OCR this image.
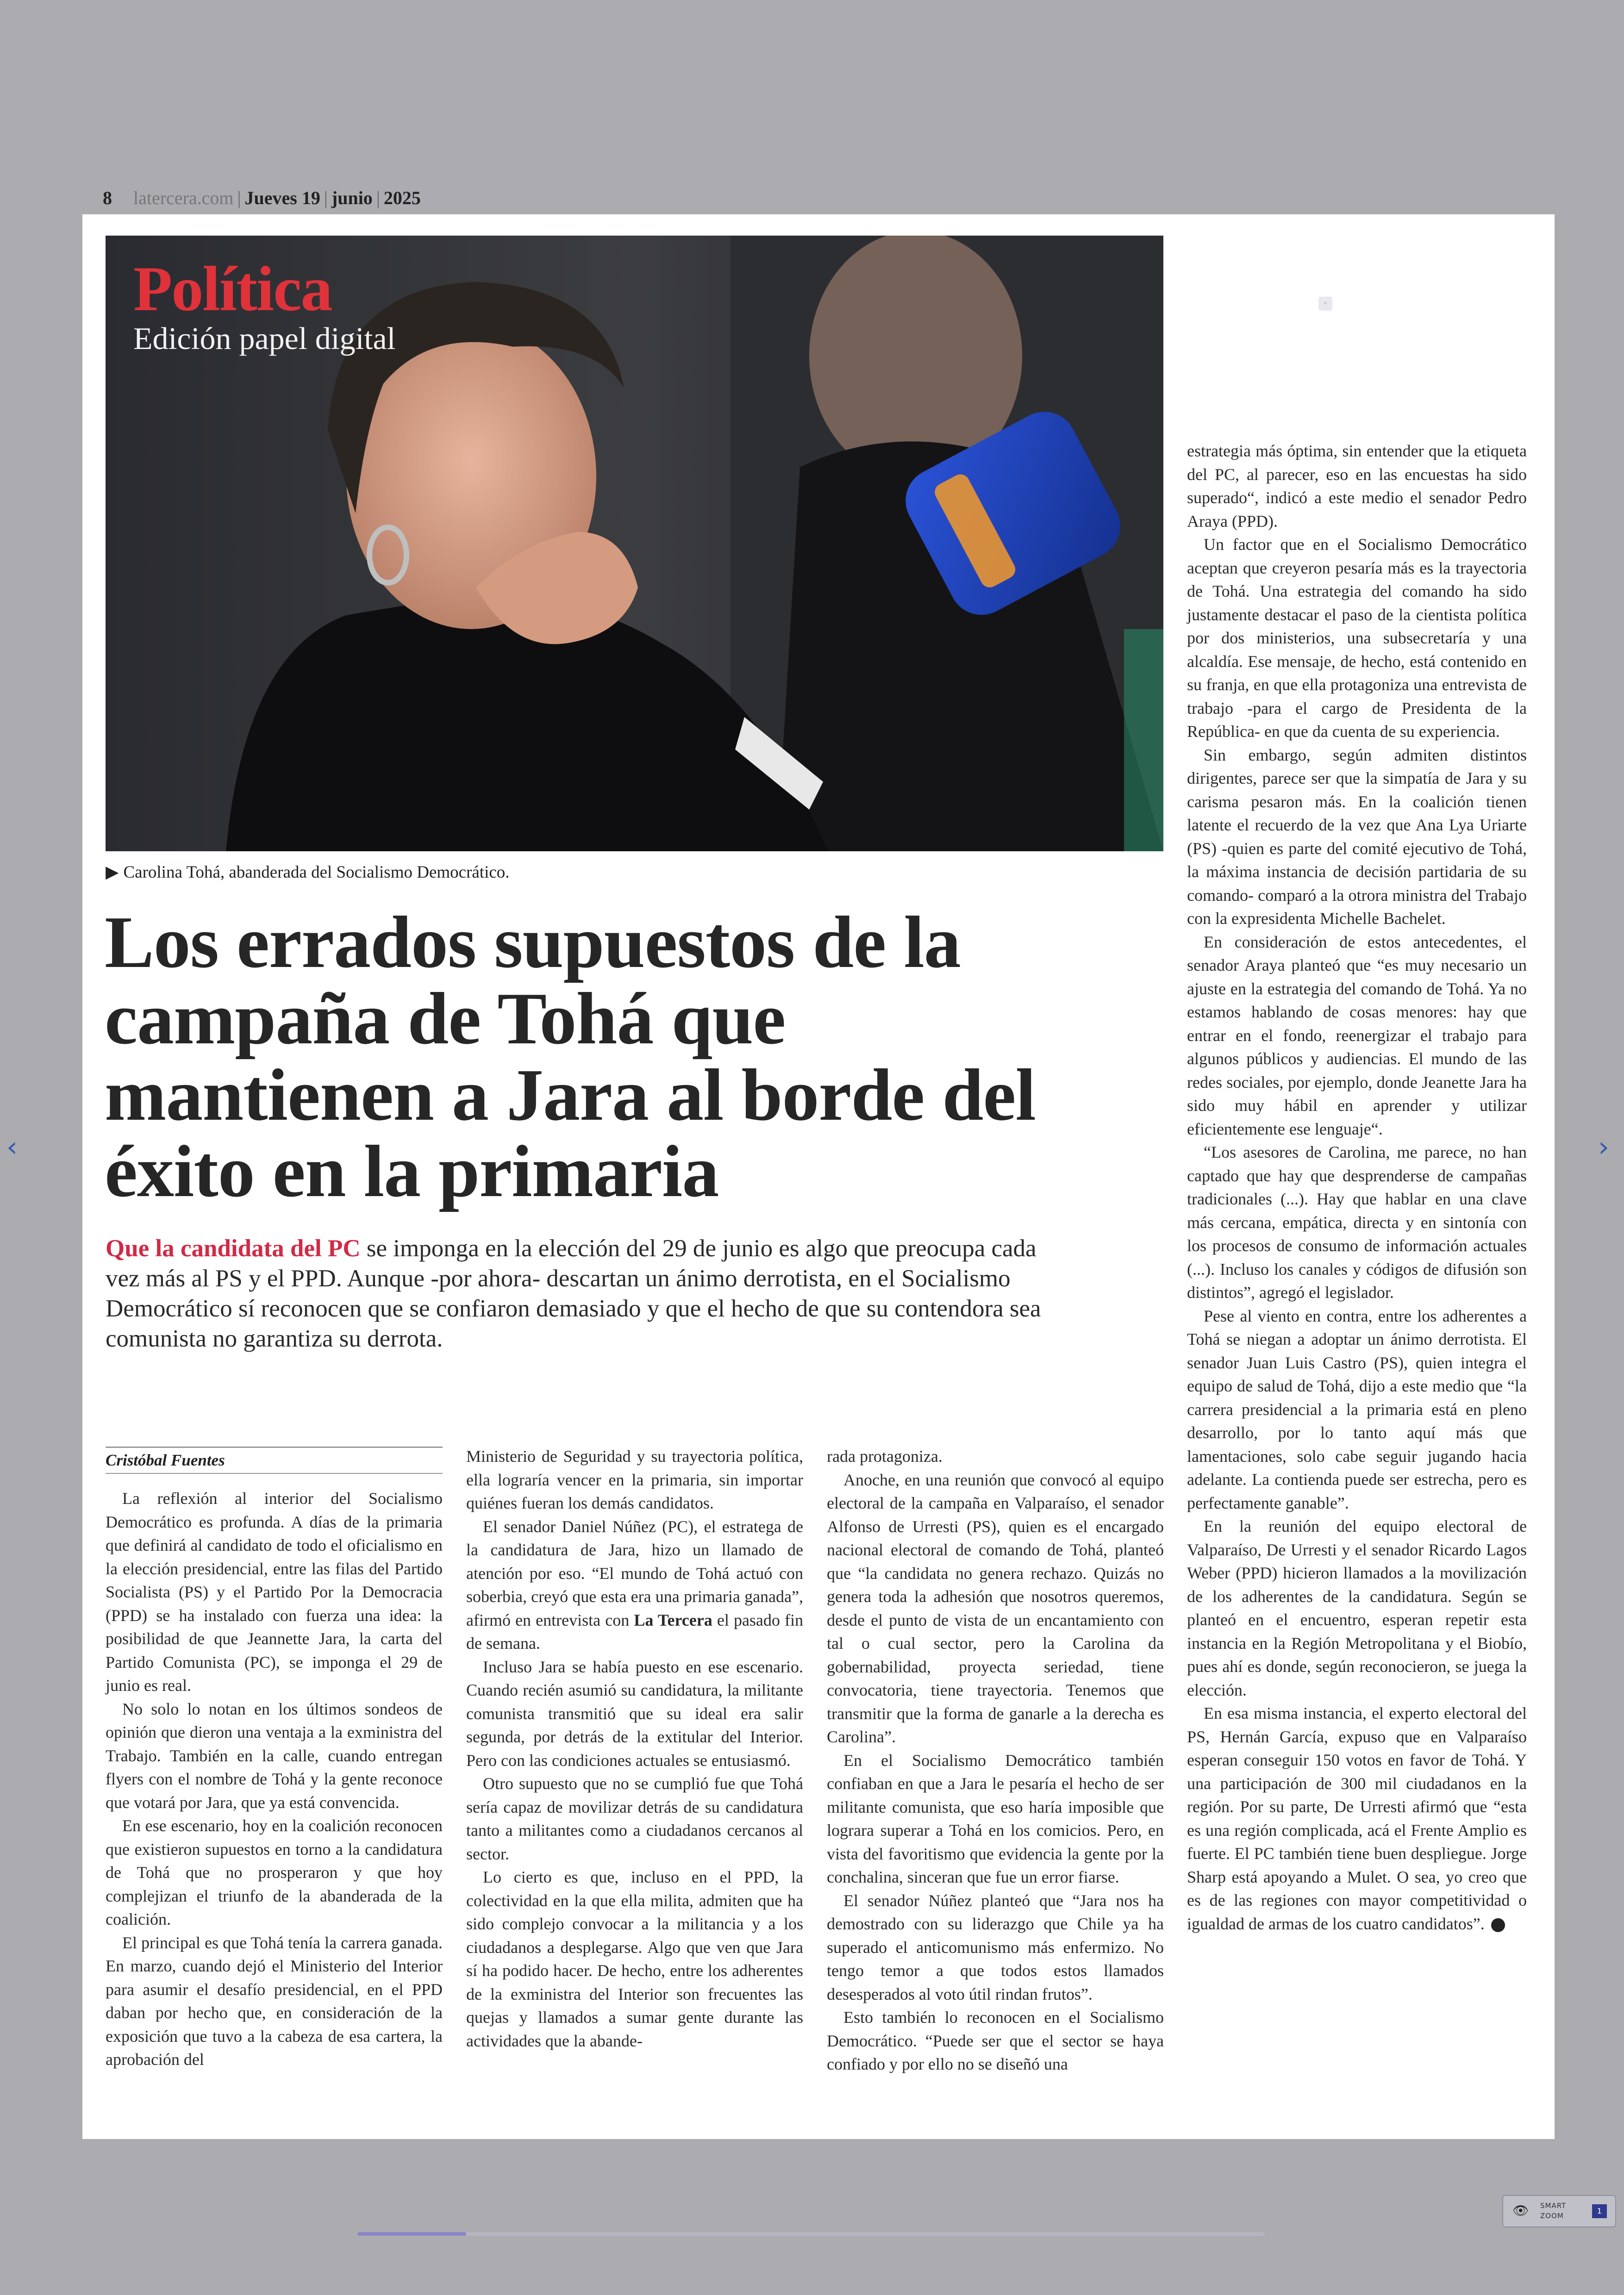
8 latercera.com | Jueves 19 | junio | 2025
Política
Edición papel digital
▫
▶ Carolina Tohá, abanderada del Socialismo Democrático.
Los errados supuestos de la campaña de Tohá que mantienen a Jara al borde del éxito en la primaria
Que la candidata del PC se imponga en la elección del 29 de junio es algo que preocupa cada vez más al PS y el PPD. Aunque -por ahora- descartan un ánimo derrotista, en el Socialismo Democrático sí reconocen que se confiaron demasiado y que el hecho de que su contendora sea comunista no garantiza su derrota.
Cristóbal Fuentes

La reflexión al interior del Socialismo Democrático es profunda. A días de la primaria que definirá al candidato de todo el oficialismo en la elección presidencial, entre las filas del Partido Socialista (PS) y el Partido Por la Democracia (PPD) se ha instalado con fuerza una idea: la posibilidad de que Jeannette Jara, la carta del Partido Comunista (PC), se imponga el 29 de junio es real.

No solo lo notan en los últimos sondeos de opinión que dieron una ventaja a la exministra del Trabajo. También en la calle, cuando entregan flyers con el nombre de Tohá y la gente reconoce que votará por Jara, que ya está convencida.

En ese escenario, hoy en la coalición reconocen que existieron supuestos en torno a la candidatura de Tohá que no prosperaron y que hoy complejizan el triunfo de la abanderada de la coalición.

El principal es que Tohá tenía la carrera ganada. En marzo, cuando dejó el Ministerio del Interior para asumir el desafío presidencial, en el PPD daban por hecho que, en consideración de la exposición que tuvo a la cabeza de esa cartera, la aprobación del

Ministerio de Seguridad y su trayectoria política, ella lograría vencer en la primaria, sin importar quiénes fueran los demás candidatos.

El senador Daniel Núñez (PC), el estratega de la candidatura de Jara, hizo un llamado de atención por eso. “El mundo de Tohá actuó con soberbia, creyó que esta era una primaria ganada”, afirmó en entrevista con La Tercera el pasado fin de semana.

Incluso Jara se había puesto en ese escenario. Cuando recién asumió su candidatura, la militante comunista transmitió que su ideal era salir segunda, por detrás de la extitular del Interior. Pero con las condiciones actuales se entusiasmó.

Otro supuesto que no se cumplió fue que Tohá sería capaz de movilizar detrás de su candidatura tanto a militantes como a ciudadanos cercanos al sector.

Lo cierto es que, incluso en el PPD, la colectividad en la que ella milita, admiten que ha sido complejo convocar a la militancia y a los ciudadanos a desplegarse. Algo que ven que Jara sí ha podido hacer. De hecho, entre los adherentes de la exministra del Interior son frecuentes las quejas y llamados a sumar gente durante las actividades que la abande-

rada protagoniza.

Anoche, en una reunión que convocó al equipo electoral de la campaña en Valparaíso, el senador Alfonso de Urresti (PS), quien es el encargado nacional electoral de comando de Tohá, planteó que “la candidata no genera rechazo. Quizás no genera toda la adhesión que nosotros queremos, desde el punto de vista de un encantamiento con tal o cual sector, pero la Carolina da gobernabilidad, proyecta seriedad, tiene convocatoria, tiene trayectoria. Tenemos que transmitir que la forma de ganarle a la derecha es Carolina”.

En el Socialismo Democrático también confiaban en que a Jara le pesaría el hecho de ser militante comunista, que eso haría imposible que lograra superar a Tohá en los comicios. Pero, en vista del favoritismo que evidencia la gente por la conchalina, sinceran que fue un error fiarse.

El senador Núñez planteó que “Jara nos ha demostrado con su liderazgo que Chile ya ha superado el anticomunismo más enfermizo. No tengo temor a que todos estos llamados desesperados al voto útil rindan frutos”.

Esto también lo reconocen en el Socialismo Democrático. “Puede ser que el sector se haya confiado y por ello no se diseñó una

estrategia más óptima, sin entender que la etiqueta del PC, al parecer, eso en las encuestas ha sido superado“, indicó a este medio el senador Pedro Araya (PPD).

Un factor que en el Socialismo Democrático aceptan que creyeron pesaría más es la trayectoria de Tohá. Una estrategia del comando ha sido justamente destacar el paso de la cientista política por dos ministerios, una subsecretaría y una alcaldía. Ese mensaje, de hecho, está contenido en su franja, en que ella protagoniza una entrevista de trabajo -para el cargo de Presidenta de la República- en que da cuenta de su experiencia.

Sin embargo, según admiten distintos dirigentes, parece ser que la simpatía de Jara y su carisma pesaron más. En la coalición tienen latente el recuerdo de la vez que Ana Lya Uriarte (PS) -quien es parte del comité ejecutivo de Tohá, la máxima instancia de decisión partidaria de su comando- comparó a la otrora ministra del Trabajo con la expresidenta Michelle Bachelet.

En consideración de estos antecedentes, el senador Araya planteó que “es muy necesario un ajuste en la estrategia del comando de Tohá. Ya no estamos hablando de cosas menores: hay que entrar en el fondo, reenergizar el trabajo para algunos públicos y audiencias. El mundo de las redes sociales, por ejemplo, donde Jeanette Jara ha sido muy hábil en aprender y utilizar eficientemente ese lenguaje“.

“Los asesores de Carolina, me parece, no han captado que hay que desprenderse de campañas tradicionales (...). Hay que hablar en una clave más cercana, empática, directa y en sintonía con los procesos de consumo de información actuales (...). Incluso los canales y códigos de difusión son distintos”, agregó el legislador.

Pese al viento en contra, entre los adherentes a Tohá se niegan a adoptar un ánimo derrotista. El senador Juan Luis Castro (PS), quien integra el equipo de salud de Tohá, dijo a este medio que “la carrera presidencial a la primaria está en pleno desarrollo, por lo tanto aquí más que lamentaciones, solo cabe seguir jugando hacia adelante. La contienda puede ser estrecha, pero es perfectamente ganable”.

En la reunión del equipo electoral de Valparaíso, De Urresti y el senador Ricardo Lagos Weber (PPD) hicieron llamados a la movilización de los adherentes de la candidatura. Según se planteó en el encuentro, esperan repetir esta instancia en la Región Metropolitana y el Biobío, pues ahí es donde, según reconocieron, se juega la elección.

En esa misma instancia, el experto electoral del PS, Hernán García, expuso que en Valparaíso esperan conseguir 150 votos en favor de Tohá. Y una participación de 300 mil ciudadanos en la región. Por su parte, De Urresti afirmó que “esta es una región complicada, acá el Frente Amplio es fuerte. El PC también tiene buen despliegue. Jorge Sharp está apoyando a Mulet. O sea, yo creo que es de las regiones con mayor competitividad o igualdad de armas de los cuatro candidatos”.

‹	›
👁 SMART ZOOM
1
